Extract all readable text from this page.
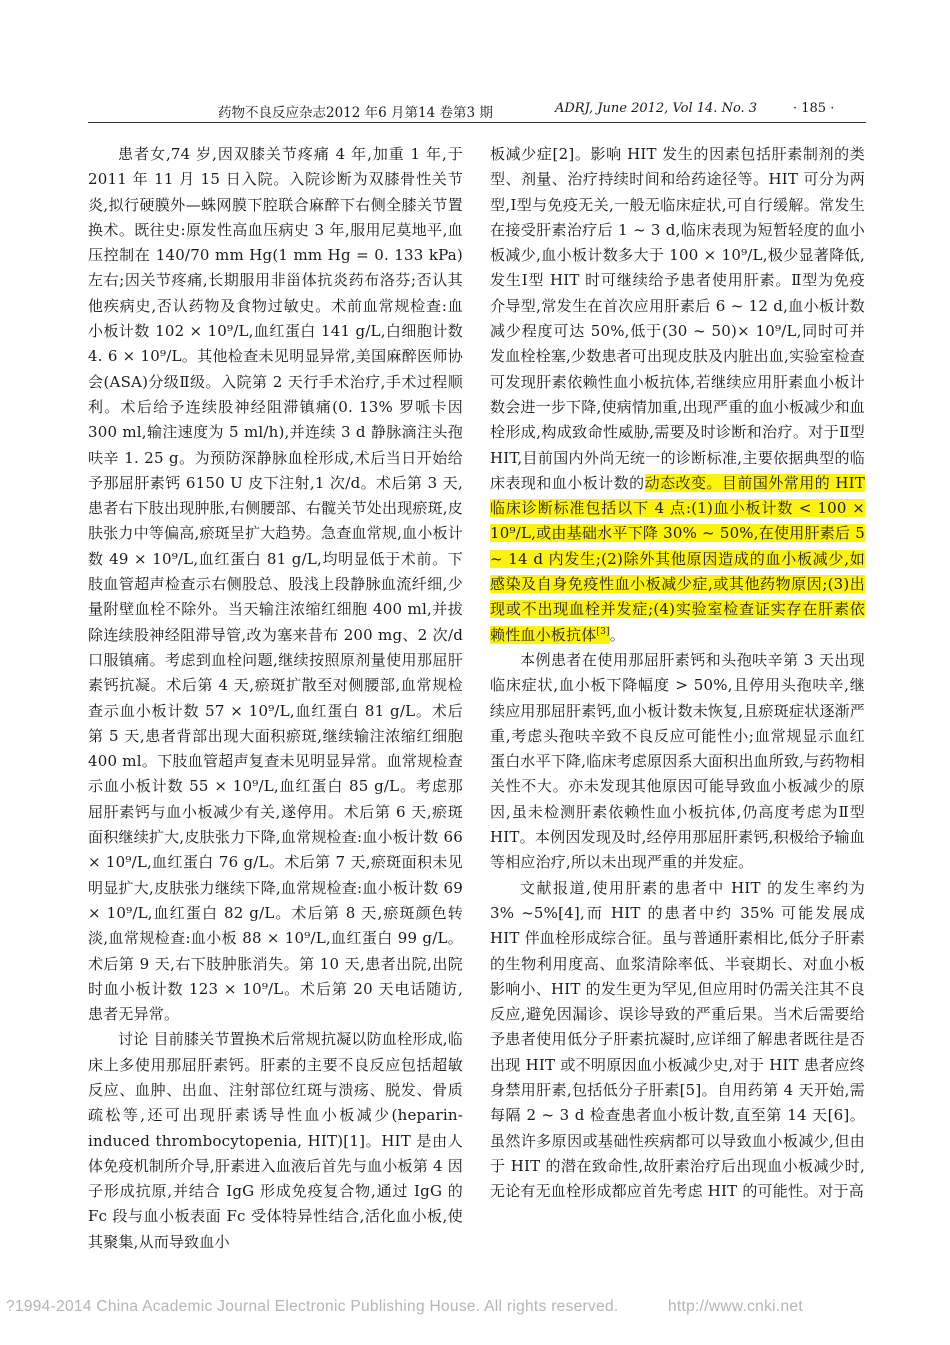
药物不良反应杂志2012 年6 月第14 卷第3 期	ADRJ, June 2012, Vol 14. No. 3	· 185 ·

患者女,74 岁,因双膝关节疼痛 4 年,加重 1 年,于 2011 年 11 月 15 日入院。入院诊断为双膝骨性关节炎,拟行硬膜外—蛛网膜下腔联合麻醉下右侧全膝关节置换术。既往史:原发性高血压病史 3 年,服用尼莫地平,血压控制在 140/70 mm Hg(1 mm Hg = 0. 133 kPa)左右;因关节疼痛,长期服用非甾体抗炎药布洛芬;否认其他疾病史,否认药物及食物过敏史。术前血常规检查:血小板计数 102 × 10⁹/L,血红蛋白 141 g/L,白细胞计数 4. 6 × 10⁹/L。其他检查未见明显异常,美国麻醉医师协会(ASA)分级Ⅱ级。入院第 2 天行手术治疗,手术过程顺利。术后给予连续股神经阻滞镇痛(0. 13% 罗哌卡因 300 ml,输注速度为 5 ml/h),并连续 3 d 静脉滴注头孢呋辛 1. 25 g。为预防深静脉血栓形成,术后当日开始给予那屈肝素钙 6150 U 皮下注射,1 次/d。术后第 3 天,患者右下肢出现肿胀,右侧腰部、右髋关节处出现瘀斑,皮肤张力中等偏高,瘀斑呈扩大趋势。急查血常规,血小板计数 49 × 10⁹/L,血红蛋白 81 g/L,均明显低于术前。下肢血管超声检查示右侧股总、股浅上段静脉血流纤细,少量附壁血栓不除外。当天输注浓缩红细胞 400 ml,并拔除连续股神经阻滞导管,改为塞来昔布 200 mg、2 次/d 口服镇痛。考虑到血栓问题,继续按照原剂量使用那屈肝素钙抗凝。术后第 4 天,瘀斑扩散至对侧腰部,血常规检查示血小板计数 57 × 10⁹/L,血红蛋白 81 g/L。术后第 5 天,患者背部出现大面积瘀斑,继续输注浓缩红细胞 400 ml。下肢血管超声复查未见明显异常。血常规检查示血小板计数 55 × 10⁹/L,血红蛋白 85 g/L。考虑那屈肝素钙与血小板减少有关,遂停用。术后第 6 天,瘀斑面积继续扩大,皮肤张力下降,血常规检查:血小板计数 66 × 10⁹/L,血红蛋白 76 g/L。术后第 7 天,瘀斑面积未见明显扩大,皮肤张力继续下降,血常规检查:血小板计数 69 × 10⁹/L,血红蛋白 82 g/L。术后第 8 天,瘀斑颜色转淡,血常规检查:血小板 88 × 10⁹/L,血红蛋白 99 g/L。术后第 9 天,右下肢肿胀消失。第 10 天,患者出院,出院时血小板计数 123 × 10⁹/L。术后第 20 天电话随访,患者无异常。

讨论 目前膝关节置换术后常规抗凝以防血栓形成,临床上多使用那屈肝素钙。肝素的主要不良反应包括超敏反应、血肿、出血、注射部位红斑与溃疡、脱发、骨质疏松等,还可出现肝素诱导性血小板减少(heparin-induced thrombocytopenia, HIT)[1]。HIT 是由人体免疫机制所介导,肝素进入血液后首先与血小板第 4 因子形成抗原,并结合 IgG 形成免疫复合物,通过 IgG 的 Fc 段与血小板表面 Fc 受体特异性结合,活化血小板,使其聚集,从而导致血小

板减少症[2]。影响 HIT 发生的因素包括肝素制剂的类型、剂量、治疗持续时间和给药途径等。HIT 可分为两型,Ⅰ型与免疫无关,一般无临床症状,可自行缓解。常发生在接受肝素治疗后 1 ~ 3 d,临床表现为短暂轻度的血小板减少,血小板计数多大于 100 × 10⁹/L,极少显著降低,发生Ⅰ型 HIT 时可继续给予患者使用肝素。Ⅱ型为免疫介导型,常发生在首次应用肝素后 6 ~ 12 d,血小板计数减少程度可达 50%,低于(30 ~ 50)× 10⁹/L,同时可并发血栓栓塞,少数患者可出现皮肤及内脏出血,实验室检查可发现肝素依赖性血小板抗体,若继续应用肝素血小板计数会进一步下降,使病情加重,出现严重的血小板减少和血栓形成,构成致命性威胁,需要及时诊断和治疗。对于Ⅱ型 HIT,目前国内外尚无统一的诊断标准,主要依据典型的临床表现和血小板计数的动态改变。目前国外常用的 HIT 临床诊断标准包括以下 4 点:(1)血小板计数 < 100 × 10⁹/L,或由基础水平下降 30% ~ 50%,在使用肝素后 5 ~ 14 d 内发生;(2)除外其他原因造成的血小板减少,如感染及自身免疫性血小板减少症,或其他药物原因;(3)出现或不出现血栓并发症;(4)实验室检查证实存在肝素依赖性血小板抗体[3]。

本例患者在使用那屈肝素钙和头孢呋辛第 3 天出现临床症状,血小板下降幅度 > 50%,且停用头孢呋辛,继续应用那屈肝素钙,血小板计数未恢复,且瘀斑症状逐渐严重,考虑头孢呋辛致不良反应可能性小;血常规显示血红蛋白水平下降,临床考虑原因系大面积出血所致,与药物相关性不大。亦未发现其他原因可能导致血小板减少的原因,虽未检测肝素依赖性血小板抗体,仍高度考虑为Ⅱ型 HIT。本例因发现及时,经停用那屈肝素钙,积极给予输血等相应治疗,所以未出现严重的并发症。

文献报道,使用肝素的患者中 HIT 的发生率约为 3% ~5%[4],而 HIT 的患者中约 35% 可能发展成 HIT 伴血栓形成综合征。虽与普通肝素相比,低分子肝素的生物利用度高、血浆清除率低、半衰期长、对血小板影响小、HIT 的发生更为罕见,但应用时仍需关注其不良反应,避免因漏诊、误诊导致的严重后果。当术后需要给予患者使用低分子肝素抗凝时,应详细了解患者既往是否出现 HIT 或不明原因血小板减少史,对于 HIT 患者应终身禁用肝素,包括低分子肝素[5]。自用药第 4 天开始,需每隔 2 ~ 3 d 检查患者血小板计数,直至第 14 天[6]。虽然许多原因或基础性疾病都可以导致血小板减少,但由于 HIT 的潜在致命性,故肝素治疗后出现血小板减少时,无论有无血栓形成都应首先考虑 HIT 的可能性。对于高

?1994-2014 China Academic Journal Electronic Publishing House. All rights reserved.	http://www.cnki.net
